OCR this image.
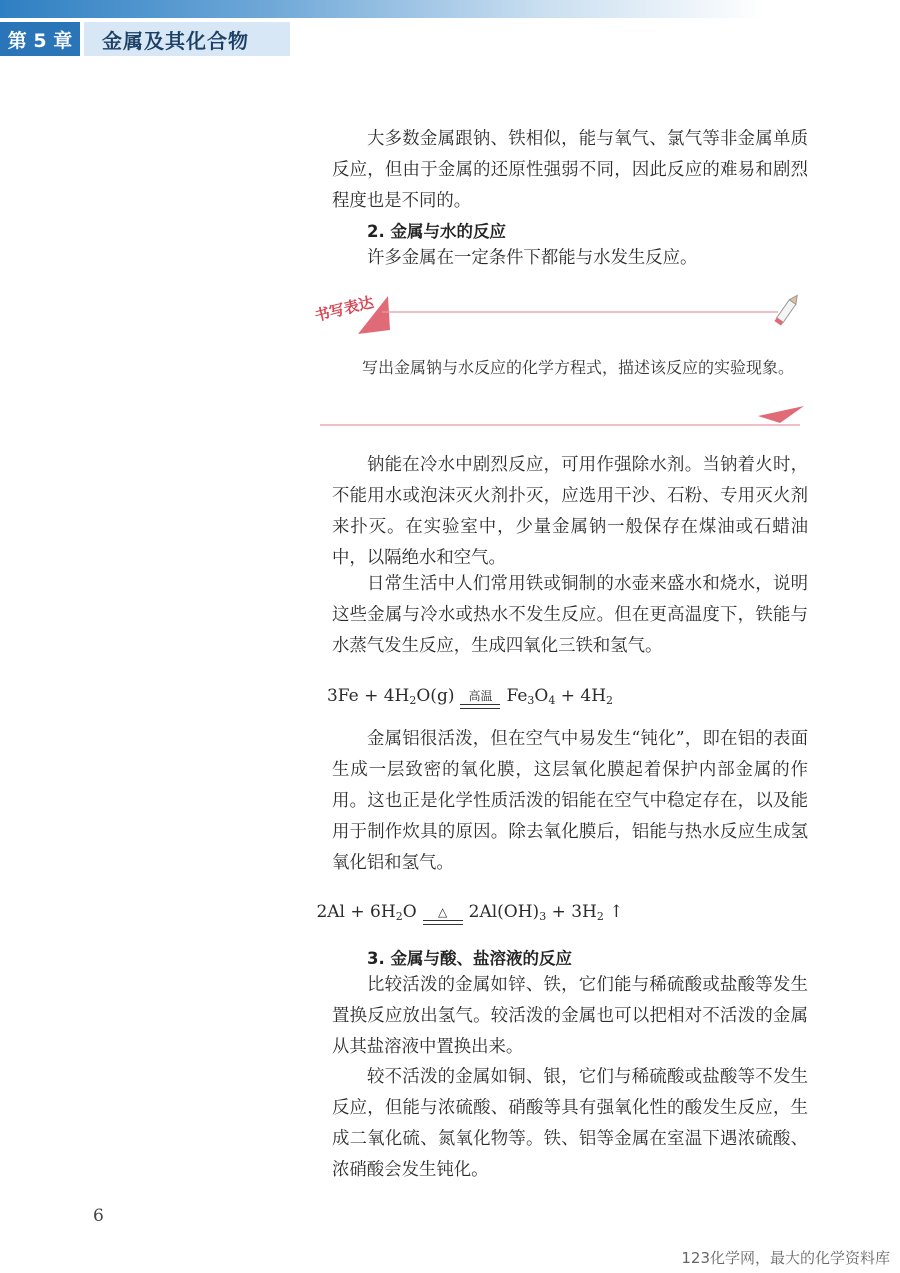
第 5 章	金属及其化合物

大多数金属跟钠、铁相似，能与氧气、氯气等非金属单质反应，但由于金属的还原性强弱不同，因此反应的难易和剧烈程度也是不同的。

2. 金属与水的反应

许多金属在一定条件下都能与水发生反应。

书写表达

写出金属钠与水反应的化学方程式，描述该反应的实验现象。

钠能在冷水中剧烈反应，可用作强除水剂。当钠着火时，不能用水或泡沫灭火剂扑灭，应选用干沙、石粉、专用灭火剂来扑灭。在实验室中，少量金属钠一般保存在煤油或石蜡油中，以隔绝水和空气。

日常生活中人们常用铁或铜制的水壶来盛水和烧水，说明这些金属与冷水或热水不发生反应。但在更高温度下，铁能与水蒸气发生反应，生成四氧化三铁和氢气。

$3Fe + 4H_2O(g)$ 高温 $Fe_3O_4 + 4H_2$

金属铝很活泼，但在空气中易发生“钝化”，即在铝的表面生成一层致密的氧化膜，这层氧化膜起着保护内部金属的作用。这也正是化学性质活泼的铝能在空气中稳定存在，以及能用于制作炊具的原因。除去氧化膜后，铝能与热水反应生成氢氧化铝和氢气。

$2Al + 6H_2O$ △ $2Al(OH)_3 + 3H_2$ ↑

3. 金属与酸、盐溶液的反应

比较活泼的金属如锌、铁，它们能与稀硫酸或盐酸等发生置换反应放出氢气。较活泼的金属也可以把相对不活泼的金属从其盐溶液中置换出来。

较不活泼的金属如铜、银，它们与稀硫酸或盐酸等不发生反应，但能与浓硫酸、硝酸等具有强氧化性的酸发生反应，生成二氧化硫、氮氧化物等。铁、铝等金属在室温下遇浓硫酸、浓硝酸会发生钝化。

6
123化学网，最大的化学资料库
